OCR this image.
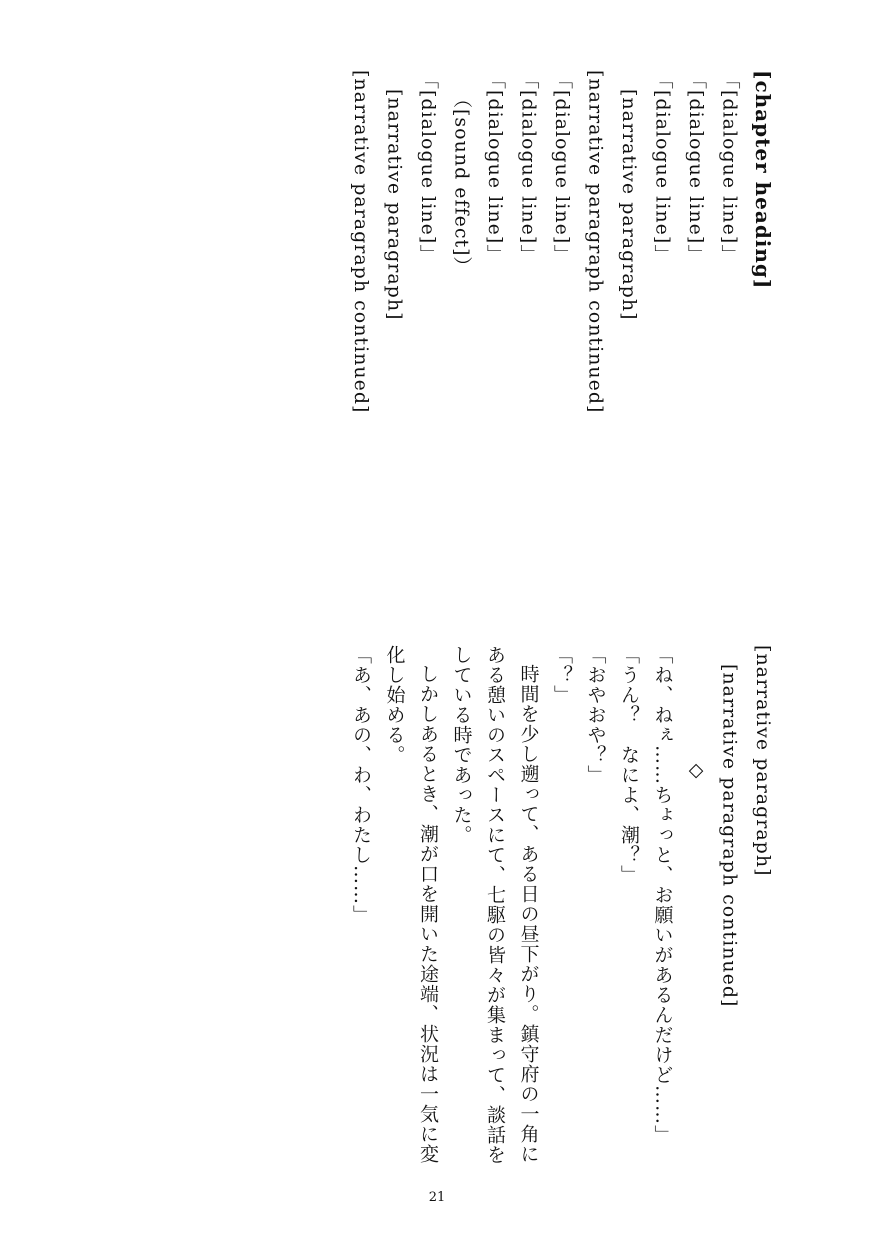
[chapter heading]
「[dialogue line]」
「[dialogue line]」
「[dialogue line]」
[narrative paragraph]
[narrative paragraph continued]
「[dialogue line]」
「[dialogue line]」
「[dialogue line]」
（[sound effect]）
「[dialogue line]」
[narrative paragraph]
[narrative paragraph continued]
[narrative paragraph]
[narrative paragraph continued]
◇
「ね、ねぇ……ちょっと、お願いがあるんだけど……」
「うん？　なによ、潮？」
「おやおや？」
「？」
時間を少し遡って、ある日の昼下がり。鎮守府の一角にある憩いのスペースにて、七駆の皆々が集まって、談話をしている時であった。
しかしあるとき、潮が口を開いた途端、状況は一気に変化し始める。
「あ、あの、わ、わたし……」
21
